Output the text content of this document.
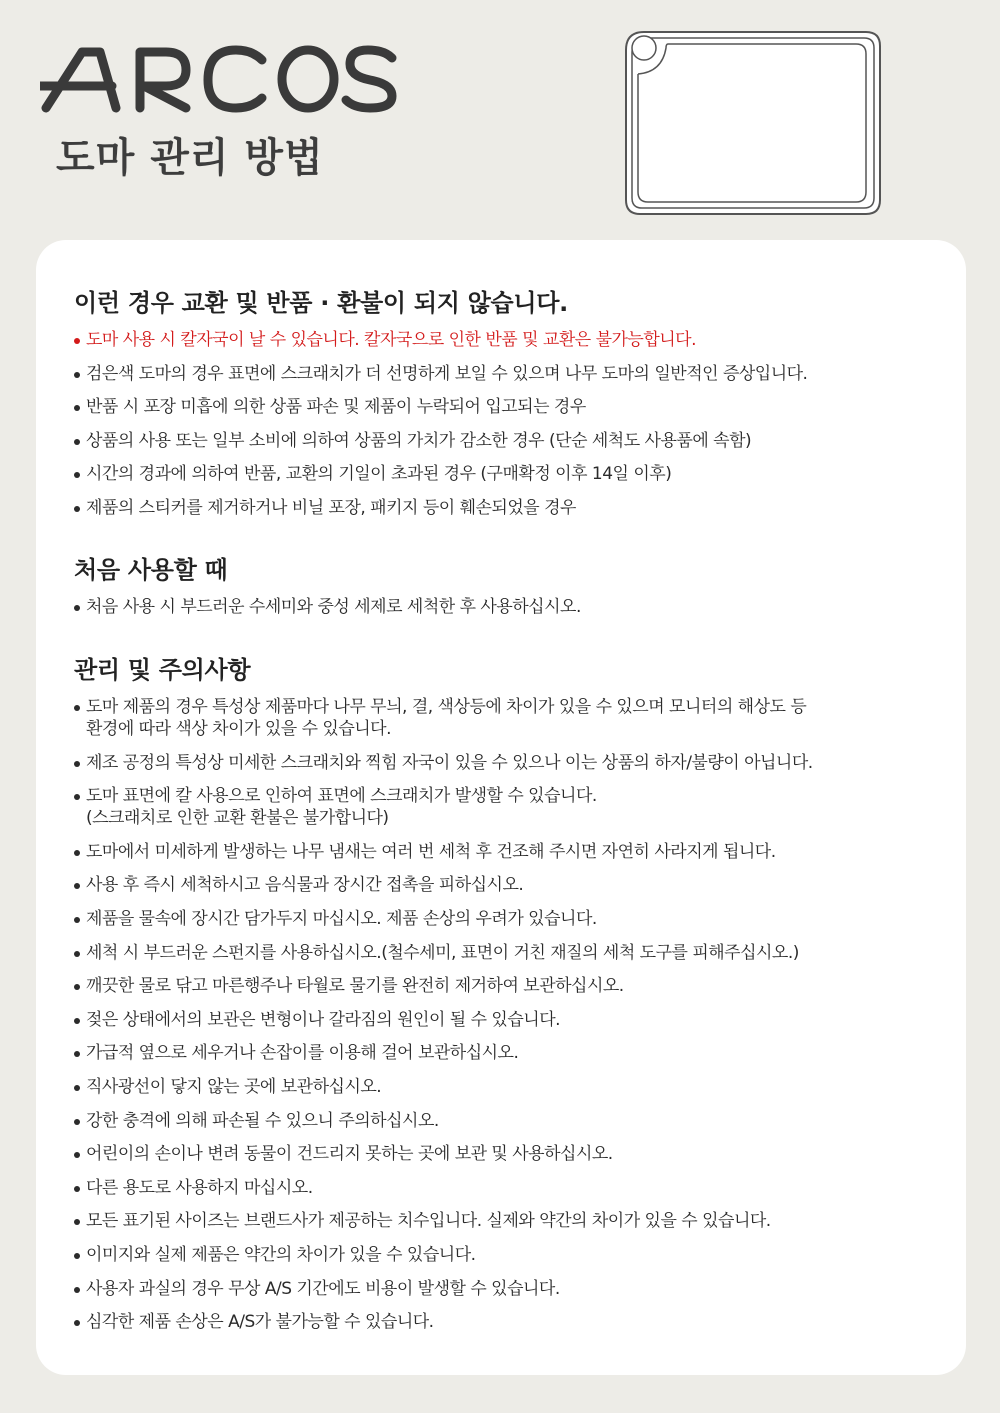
도마 관리 방법
이런 경우 교환 및 반품 · 환불이 되지 않습니다.
도마 사용 시 칼자국이 날 수 있습니다. 칼자국으로 인한 반품 및 교환은 불가능합니다.
검은색 도마의 경우 표면에 스크래치가 더 선명하게 보일 수 있으며 나무 도마의 일반적인 증상입니다.
반품 시 포장 미흡에 의한 상품 파손 및 제품이 누락되어 입고되는 경우
상품의 사용 또는 일부 소비에 의하여 상품의 가치가 감소한 경우 (단순 세척도 사용품에 속함)
시간의 경과에 의하여 반품, 교환의 기일이 초과된 경우 (구매확정 이후 14일 이후)
제품의 스티커를 제거하거나 비닐 포장, 패키지 등이 훼손되었을 경우
처음 사용할 때
처음 사용 시 부드러운 수세미와 중성 세제로 세척한 후 사용하십시오.
관리 및 주의사항
도마 제품의 경우 특성상 제품마다 나무 무늬, 결, 색상등에 차이가 있을 수 있으며 모니터의 해상도 등
환경에 따라 색상 차이가 있을 수 있습니다.
제조 공정의 특성상 미세한 스크래치와 찍힘 자국이 있을 수 있으나 이는 상품의 하자/불량이 아닙니다.
도마 표면에 칼 사용으로 인하여 표면에 스크래치가 발생할 수 있습니다.
(스크래치로 인한 교환 환불은 불가합니다)
도마에서 미세하게 발생하는 나무 냄새는 여러 번 세척 후 건조해 주시면 자연히 사라지게 됩니다.
사용 후 즉시 세척하시고 음식물과 장시간 접촉을 피하십시오.
제품을 물속에 장시간 담가두지 마십시오. 제품 손상의 우려가 있습니다.
세척 시 부드러운 스펀지를 사용하십시오.(철수세미, 표면이 거친 재질의 세척 도구를 피해주십시오.)
깨끗한 물로 닦고 마른행주나 타월로 물기를 완전히 제거하여 보관하십시오.
젖은 상태에서의 보관은 변형이나 갈라짐의 원인이 될 수 있습니다.
가급적 옆으로 세우거나 손잡이를 이용해 걸어 보관하십시오.
직사광선이 닿지 않는 곳에 보관하십시오.
강한 충격에 의해 파손될 수 있으니 주의하십시오.
어린이의 손이나 변려 동물이 건드리지 못하는 곳에 보관 및 사용하십시오.
다른 용도로 사용하지 마십시오.
모든 표기된 사이즈는 브랜드사가 제공하는 치수입니다. 실제와 약간의 차이가 있을 수 있습니다.
이미지와 실제 제품은 약간의 차이가 있을 수 있습니다.
사용자 과실의 경우 무상 A/S 기간에도 비용이 발생할 수 있습니다.
심각한 제품 손상은 A/S가 불가능할 수 있습니다.
